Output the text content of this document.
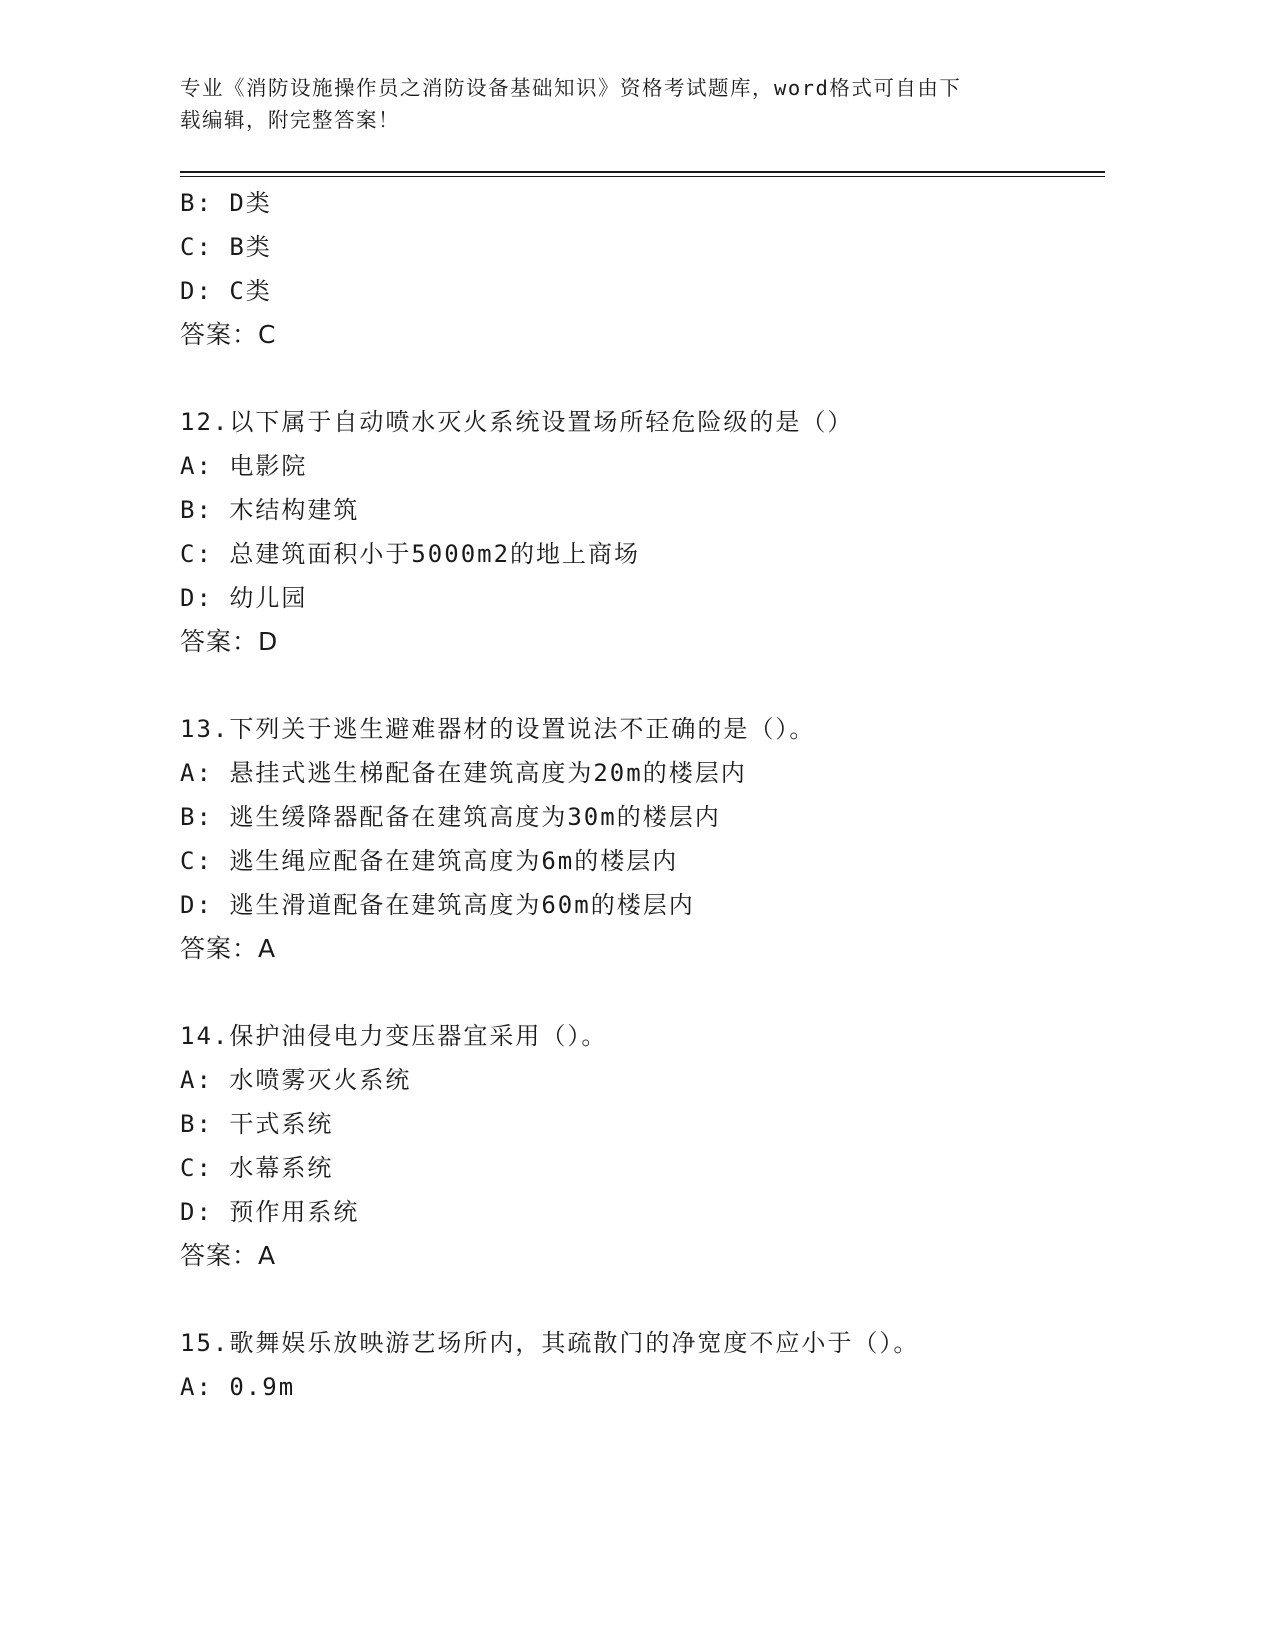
专业《消防设施操作员之消防设备基础知识》资格考试题库，word格式可自由下
载编辑，附完整答案！
B: D类
C: B类
D: C类
答案：C
12.以下属于自动喷水灭火系统设置场所轻危险级的是（）
A: 电影院
B: 木结构建筑
C: 总建筑面积小于5000m2的地上商场
D: 幼儿园
答案：D
13.下列关于逃生避难器材的设置说法不正确的是（）。
A: 悬挂式逃生梯配备在建筑高度为20m的楼层内
B: 逃生缓降器配备在建筑高度为30m的楼层内
C: 逃生绳应配备在建筑高度为6m的楼层内
D: 逃生滑道配备在建筑高度为60m的楼层内
答案：A
14.保护油侵电力变压器宜采用（）。
A: 水喷雾灭火系统
B: 干式系统
C: 水幕系统
D: 预作用系统
答案：A
15.歌舞娱乐放映游艺场所内，其疏散门的净宽度不应小于（）。
A: 0.9m
